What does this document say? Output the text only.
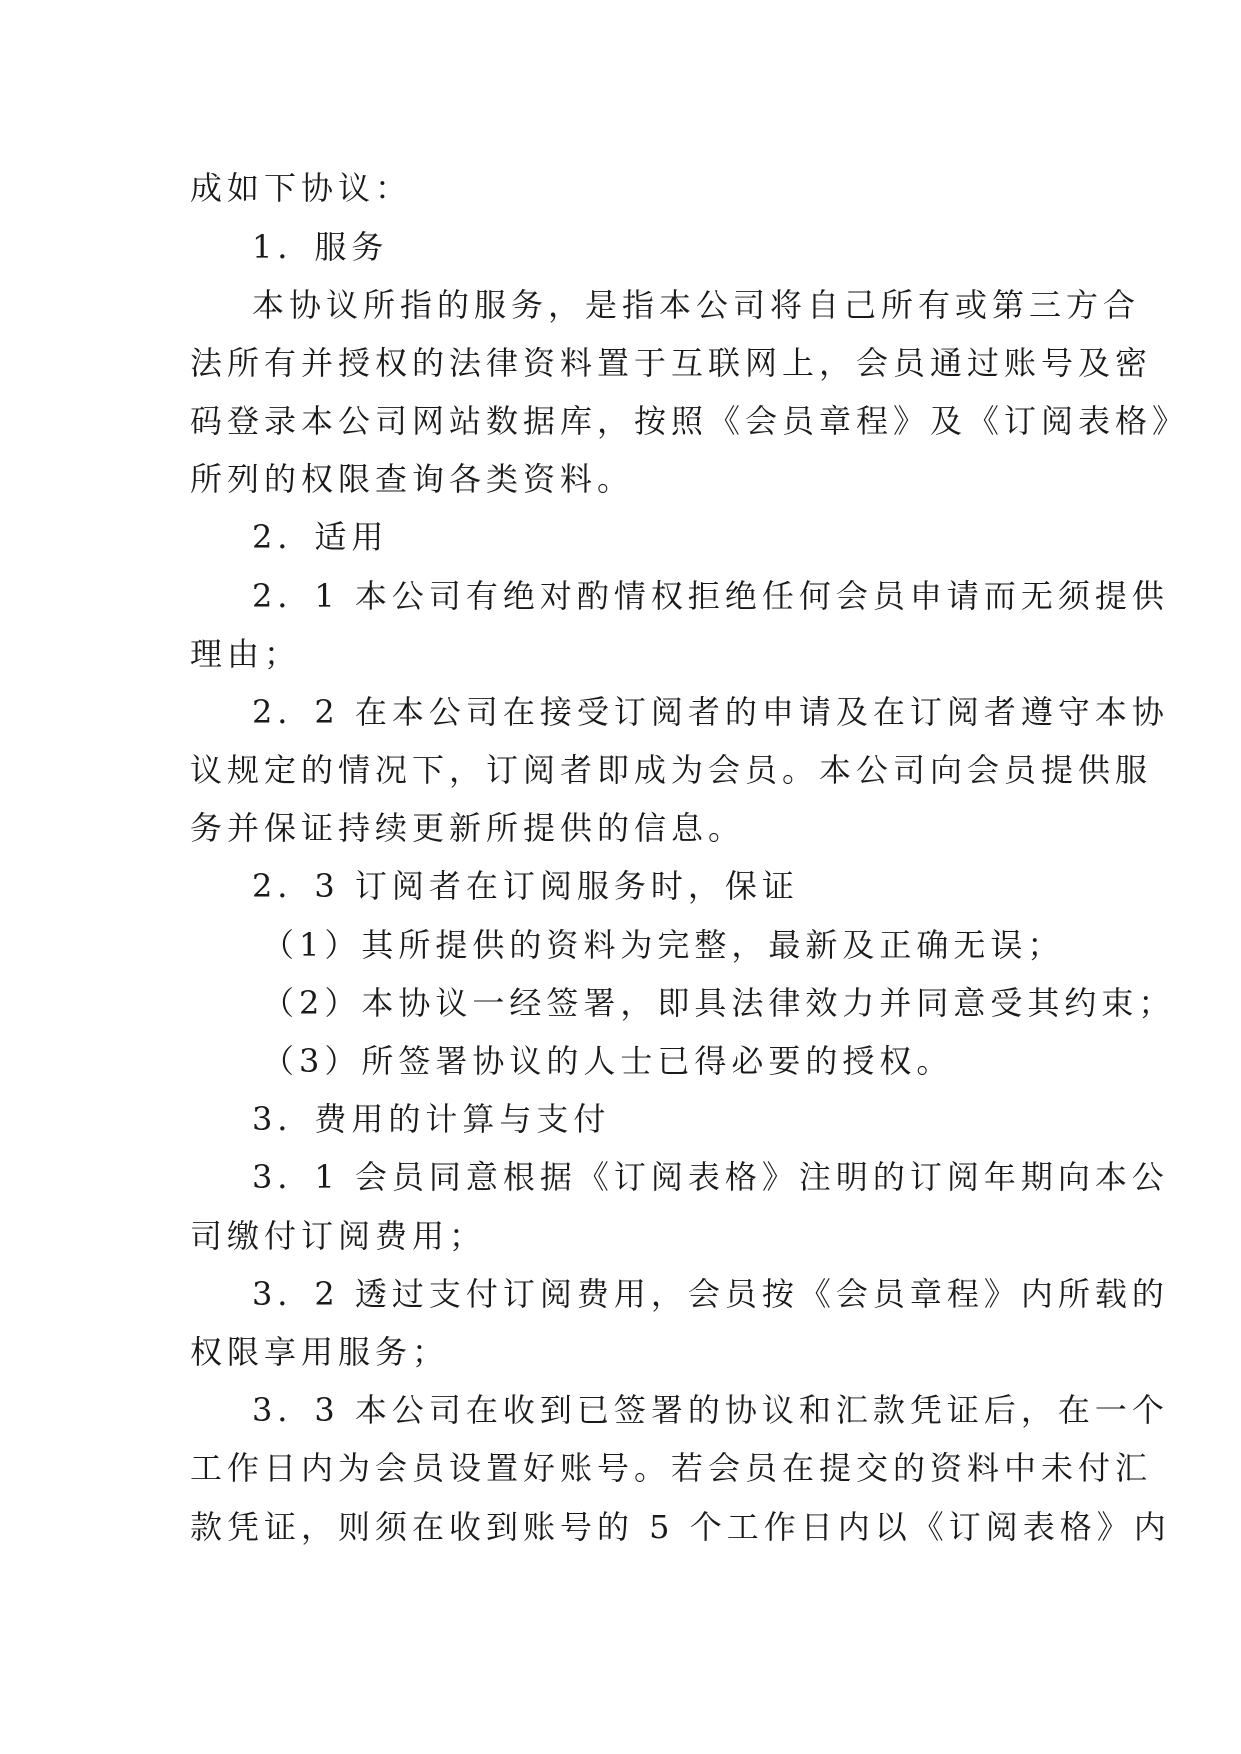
成如下协议：
1．服务
本协议所指的服务，是指本公司将自己所有或第三方合
法所有并授权的法律资料置于互联网上，会员通过账号及密
码登录本公司网站数据库，按照《会员章程》及《订阅表格》
所列的权限查询各类资料。
2．适用
2．1 本公司有绝对酌情权拒绝任何会员申请而无须提供
理由；
2．2 在本公司在接受订阅者的申请及在订阅者遵守本协
议规定的情况下，订阅者即成为会员。本公司向会员提供服
务并保证持续更新所提供的信息。
2．3 订阅者在订阅服务时，保证
（1）其所提供的资料为完整，最新及正确无误；
（2）本协议一经签署，即具法律效力并同意受其约束；
（3）所签署协议的人士已得必要的授权。
3．费用的计算与支付
3．1 会员同意根据《订阅表格》注明的订阅年期向本公
司缴付订阅费用；
3．2 透过支付订阅费用，会员按《会员章程》内所载的
权限享用服务；
3．3 本公司在收到已签署的协议和汇款凭证后，在一个
工作日内为会员设置好账号。若会员在提交的资料中未付汇
款凭证，则须在收到账号的 5 个工作日内以《订阅表格》内
